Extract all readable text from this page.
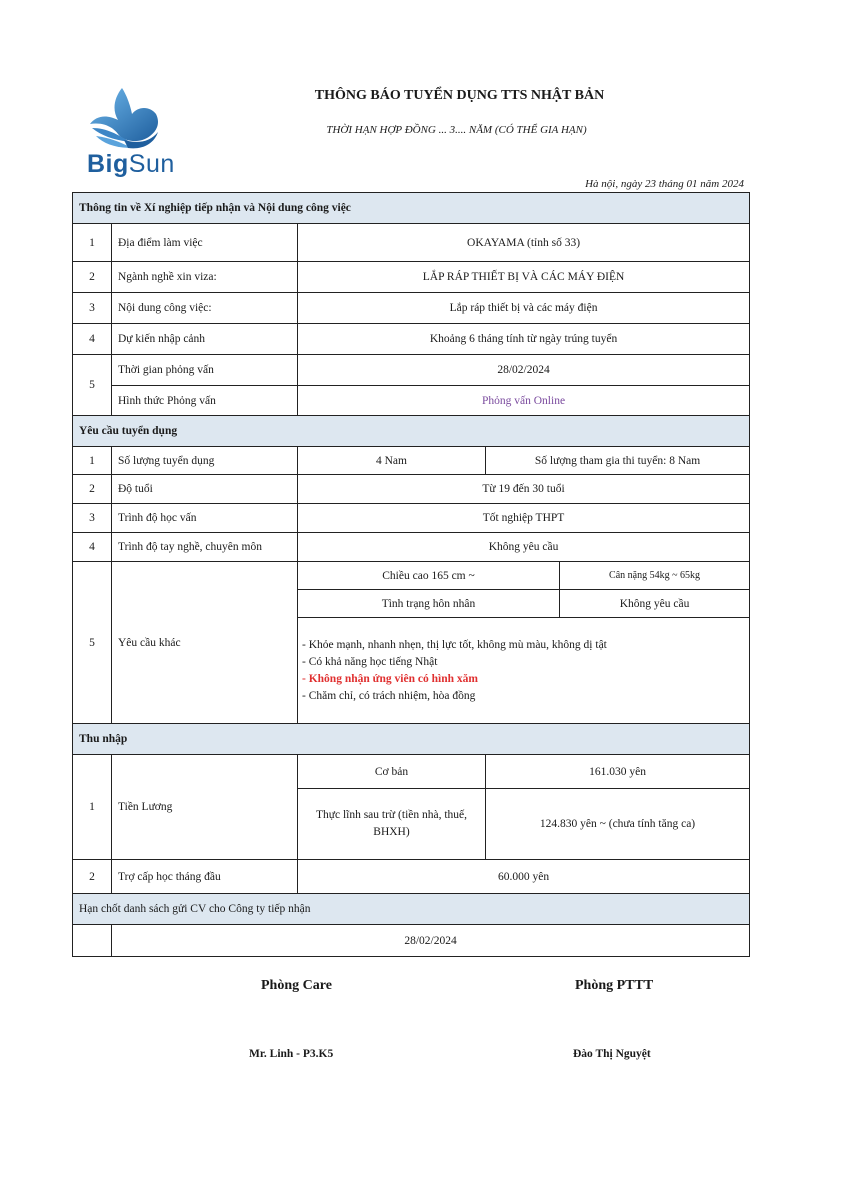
BigSun
THÔNG BÁO TUYỂN DỤNG TTS NHẬT BẢN
THỜI HẠN HỢP ĐỒNG ... 3.... NĂM (CÓ THỂ GIA HẠN)
Hà nội, ngày 23 tháng 01 năm 2024
Thông tin về Xí nghiệp tiếp nhận và Nội dung công việc				
1	Địa điểm làm việc	OKAYAMA (tỉnh số 33)		
2	Ngành nghề xin viza:	LẮP RÁP THIẾT BỊ VÀ CÁC MÁY ĐIỆN		
3	Nội dung công việc:	Lắp ráp thiết bị và các máy điện		
4	Dự kiến nhập cảnh	Khoảng 6 tháng tính từ ngày trúng tuyển		
5	Thời gian phỏng vấn	28/02/2024		
	Hình thức Phỏng vấn	Phỏng vấn Online		
Yêu cầu tuyển dụng				
1	Số lượng tuyển dụng	4 Nam	Số lượng tham gia thi tuyển: 8 Nam	
2	Độ tuổi	Từ 19 đến 30 tuổi		
3	Trình độ học vấn	Tốt nghiệp THPT		
4	Trình độ tay nghề, chuyên môn	Không yêu cầu		
5	Yêu cầu khác	Chiều cao 165 cm ~		Cân nặng 54kg ~ 65kg
		Tình trạng hôn nhân		Không yêu cầu

		- Khỏe mạnh, nhanh nhẹn, thị lực tốt, không mù màu, không dị tật
- Có khả năng học tiếng Nhật
- Không nhận ứng viên có hình xăm
- Chăm chỉ, có trách nhiệm, hòa đồng		

Thu nhập				
1	Tiền Lương	Cơ bản	161.030 yên	
		Thực lĩnh sau trừ (tiền nhà, thuế, BHXH)	124.830 yên ~ (chưa tính tăng ca)	
2	Trợ cấp học tháng đầu	60.000 yên		
Hạn chốt danh sách gửi CV cho Công ty tiếp nhận				
	28/02/2024			
Phòng Care	Phòng PTTT
Mr. Linh - P3.K5	Đào Thị Nguyệt
